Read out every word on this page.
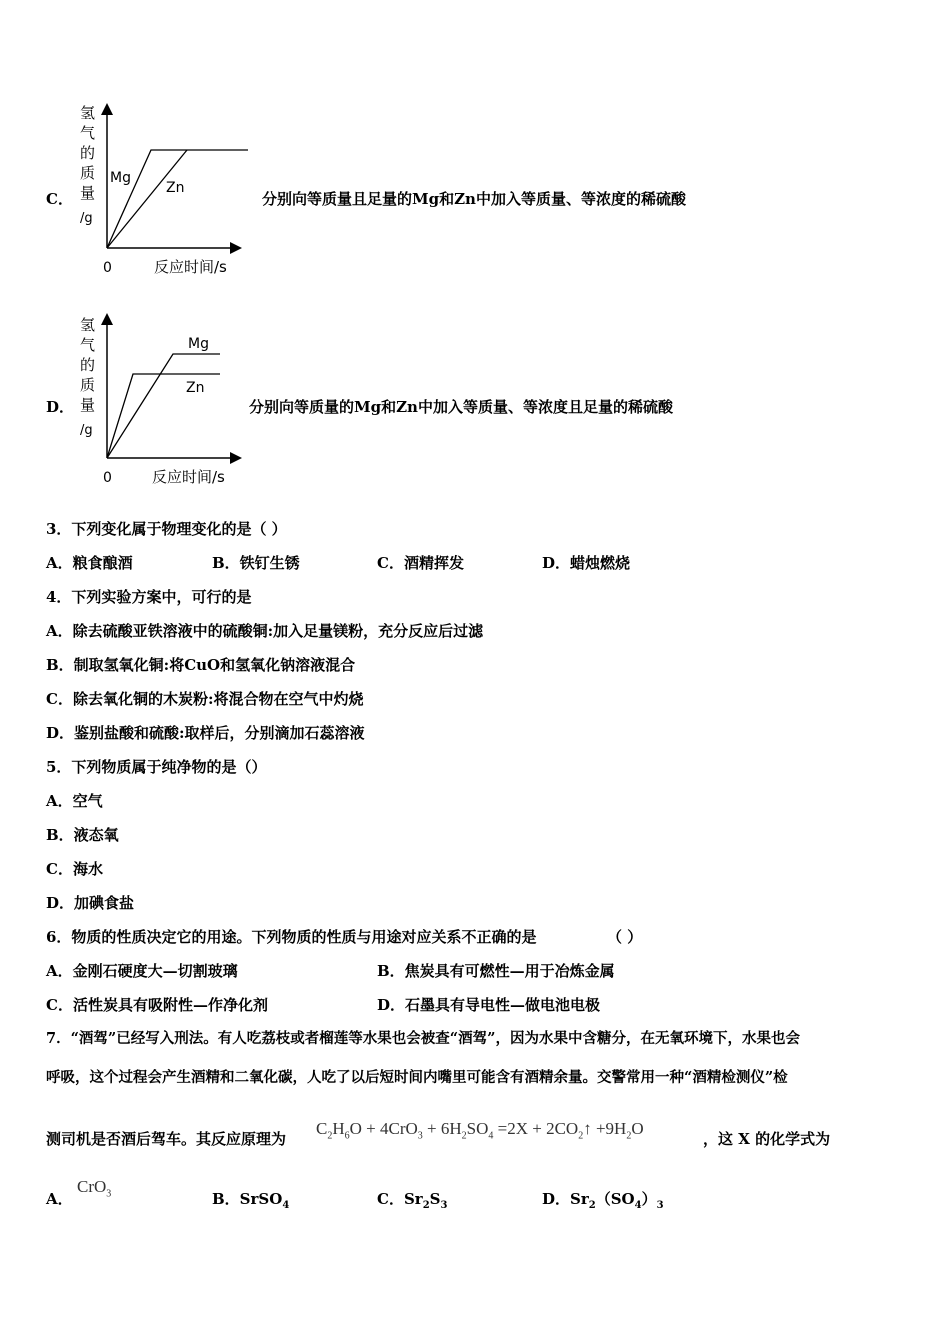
C．
氢
气
的
质
量
/g
Mg
Zn
0	反应时间/s
分别向等质量且足量的Mg和Zn中加入等质量、等浓度的稀硫酸
D．
氢
气
的
质
量
/g
Mg
Zn
0	反应时间/s
分别向等质量的Mg和Zn中加入等质量、等浓度且足量的稀硫酸
3．下列变化属于物理变化的是（ ）
A．粮食酿酒	B．铁钉生锈	C．酒精挥发	D．蜡烛燃烧
4．下列实验方案中，可行的是
A．除去硫酸亚铁溶液中的硫酸铜:加入足量镁粉，充分反应后过滤
B．制取氢氧化铜:将CuO和氢氧化钠溶液混合
C．除去氧化铜的木炭粉:将混合物在空气中灼烧
D．鉴别盐酸和硫酸:取样后，分别滴加石蕊溶液
5．下列物质属于纯净物的是（）
A．空气
B．液态氧
C．海水
D．加碘食盐
6．物质的性质决定它的用途。下列物质的性质与用途对应关系不正确的是	（ ）
A．金刚石硬度大—切割玻璃	B．焦炭具有可燃性—用于冶炼金属
C．活性炭具有吸附性—作净化剂	D．石墨具有导电性—做电池电极
7．“酒驾”已经写入刑法。有人吃荔枝或者榴莲等水果也会被查“酒驾”，因为水果中含糖分，在无氧环境下，水果也会
呼吸，这个过程会产生酒精和二氧化碳，人吃了以后短时间内嘴里可能含有酒精余量。交警常用一种“酒精检测仪”检
测司机是否酒后驾车。其反应原理为
$C_2H_6O + 4CrO_3 + 6H_2SO_4 =2X$ + $2CO_2↑ +9H_2O$
，这 X 的化学式为
A．
CrO$_3$	B．SrSO$_4$	C．$Sr_2S_3$	D．$Sr_2(SO_4)_3$
